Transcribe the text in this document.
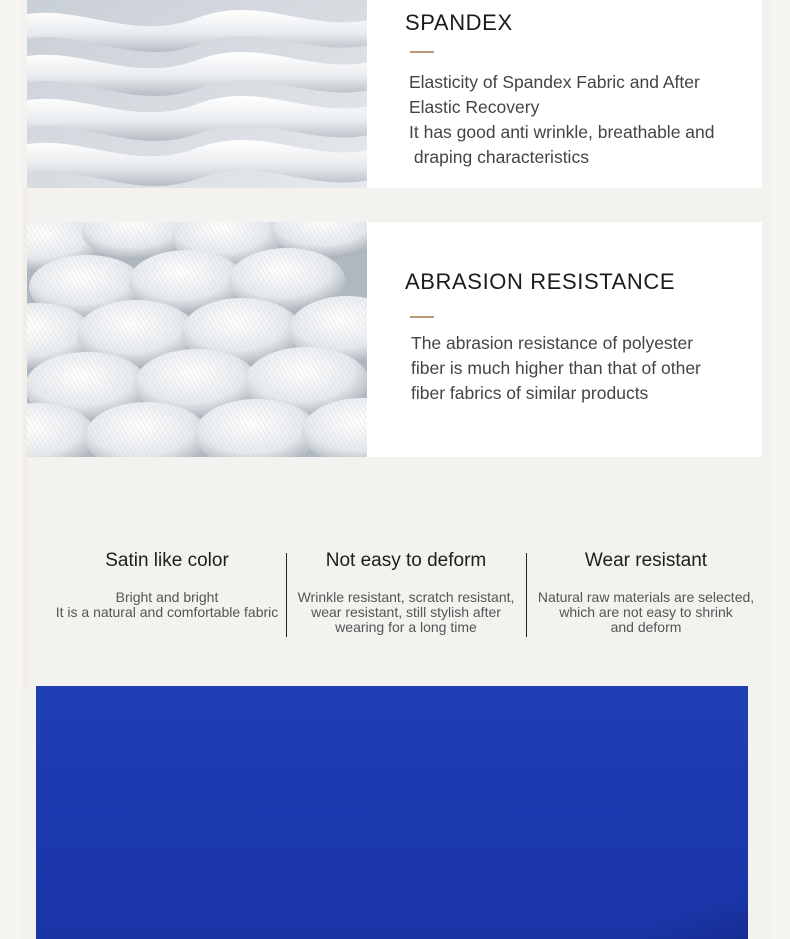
SPANDEX
Elasticity of Spandex Fabric and After
Elastic Recovery
It has good anti wrinkle, breathable and
draping characteristics
ABRASION RESISTANCE
The abrasion resistance of polyester
fiber is much higher than that of other
fiber fabrics of similar products
Satin like color
Bright and bright
It is a natural and comfortable fabric
Not easy to deform
Wrinkle resistant, scratch resistant,
wear resistant, still stylish after
wearing for a long time
Wear resistant
Natural raw materials are selected,
which are not easy to shrink
and deform
